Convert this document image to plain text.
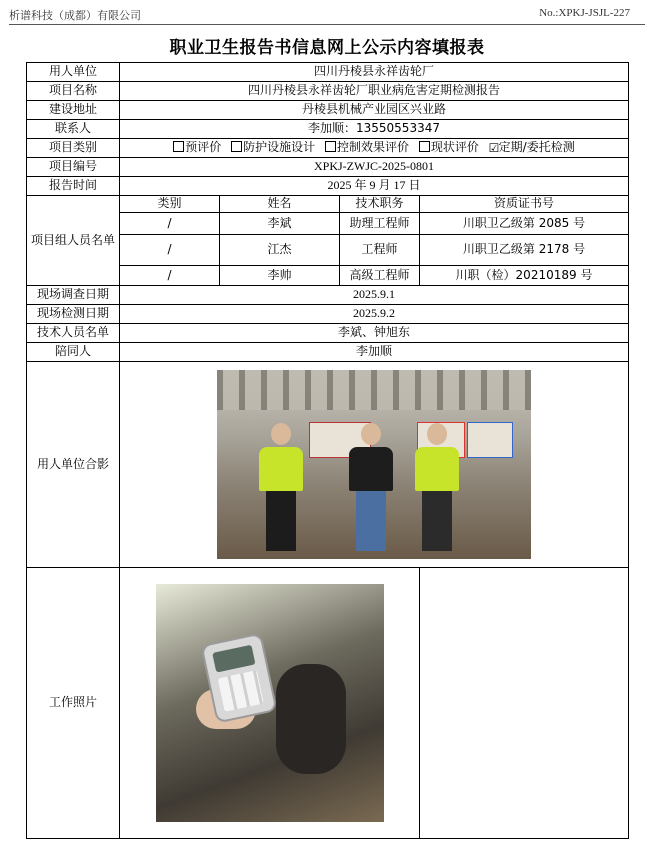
析谱科技（成都）有限公司	No.:XPKJ-JSJL-227
职业卫生报告书信息网上公示内容填报表
用人单位	四川丹棱县永祥齿轮厂			
项目名称	四川丹棱县永祥齿轮厂职业病危害定期检测报告			
建设地址	丹棱县机械产业园区兴业路			
联系人	李加顺：13550553347			
项目类别	预评价 防护设施设计 控制效果评价 现状评价 ☑定期/委托检测			
项目编号	XPKJ-ZWJC-2025-0801			
报告时间	2025 年 9 月 17 日			
项目组人员名单	类别	姓名	技术职务	资质证书号
	/	李斌	助理工程师	川职卫乙级第 2085 号
	/	江杰	工程师	川职卫乙级第 2178 号
	/	李帅	高级工程师	川职（检）20210189 号
现场调查日期	2025.9.1			
现场检测日期	2025.9.2			
技术人员名单	李斌、钟旭东			
陪同人	李加顺			
用人单位合影				

工作照片			
